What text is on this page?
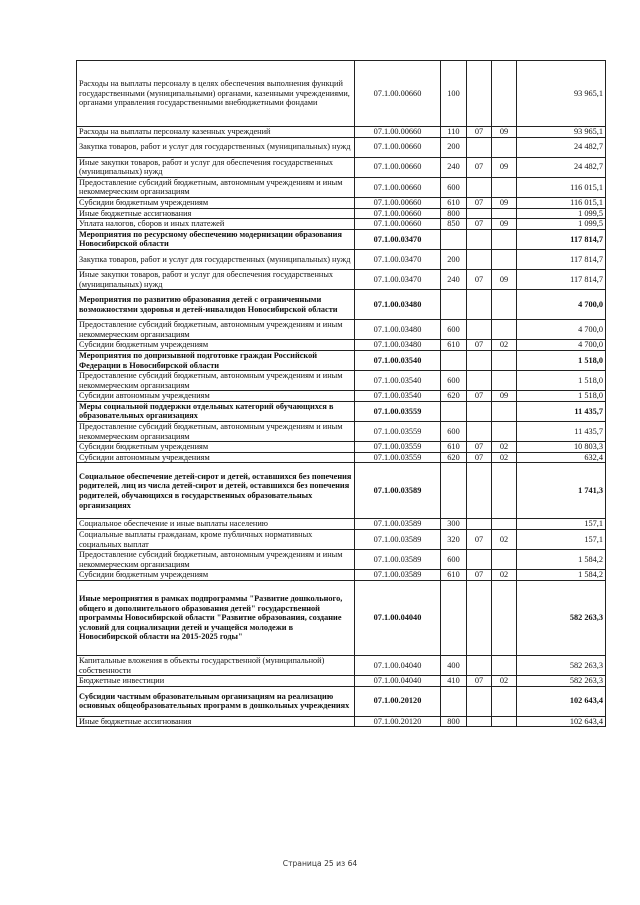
Расходы на выплаты персоналу в целях обеспечения выполнения функций государственными (муниципальными) органами, казенными учреждениями, органами управления государственными внебюджетными фондами	07.1.00.00660	100			93 965,1
Расходы на выплаты персоналу казенных учреждений	07.1.00.00660	110	07	09	93 965,1
Закупка товаров, работ и услуг для государственных (муниципальных) нужд	07.1.00.00660	200			24 482,7
Иные закупки товаров, работ и услуг для обеспечения государственных (муниципальных) нужд	07.1.00.00660	240	07	09	24 482,7
Предоставление субсидий бюджетным, автономным учреждениям и иным некоммерческим организациям	07.1.00.00660	600			116 015,1
Субсидии бюджетным учреждениям	07.1.00.00660	610	07	09	116 015,1
Иные бюджетные ассигнования	07.1.00.00660	800			1 099,5
Уплата налогов, сборов и иных платежей	07.1.00.00660	850	07	09	1 099,5
Мероприятия по ресурсному обеспечению модернизации образования Новосибирской области	07.1.00.03470				117 814,7
Закупка товаров, работ и услуг для государственных (муниципальных) нужд	07.1.00.03470	200			117 814,7
Иные закупки товаров, работ и услуг для обеспечения государственных (муниципальных) нужд	07.1.00.03470	240	07	09	117 814,7
Мероприятия по развитию образования детей с ограниченными возможностями здоровья и детей-инвалидов Новосибирской области	07.1.00.03480				4 700,0
Предоставление субсидий бюджетным, автономным учреждениям и иным некоммерческим организациям	07.1.00.03480	600			4 700,0
Субсидии бюджетным учреждениям	07.1.00.03480	610	07	02	4 700,0
Мероприятия по допризывной подготовке граждан Российской Федерации в Новосибирской области	07.1.00.03540				1 518,0
Предоставление субсидий бюджетным, автономным учреждениям и иным некоммерческим организациям	07.1.00.03540	600			1 518,0
Субсидии автономным учреждениям	07.1.00.03540	620	07	09	1 518,0
Меры социальной поддержки отдельных категорий обучающихся в образовательных организациях	07.1.00.03559				11 435,7
Предоставление субсидий бюджетным, автономным учреждениям и иным некоммерческим организациям	07.1.00.03559	600			11 435,7
Субсидии бюджетным учреждениям	07.1.00.03559	610	07	02	10 803,3
Субсидии автономным учреждениям	07.1.00.03559	620	07	02	632,4
Социальное обеспечение детей-сирот и детей, оставшихся без попечения родителей, лиц из числа детей-сирот и детей, оставшихся без попечения родителей, обучающихся в государственных образовательных организациях	07.1.00.03589				1 741,3
Социальное обеспечение и иные выплаты населению	07.1.00.03589	300			157,1
Социальные выплаты гражданам, кроме публичных нормативных социальных выплат	07.1.00.03589	320	07	02	157,1
Предоставление субсидий бюджетным, автономным учреждениям и иным некоммерческим организациям	07.1.00.03589	600			1 584,2
Субсидии бюджетным учреждениям	07.1.00.03589	610	07	02	1 584,2
Иные мероприятия в рамках подпрограммы "Развитие дошкольного, общего и дополнительного образования детей" государственной программы Новосибирской области "Развитие образования, создание условий для социализации детей и учащейся молодежи в Новосибирской области на 2015-2025 годы"	07.1.00.04040				582 263,3
Капитальные вложения в объекты государственной (муниципальной) собственности	07.1.00.04040	400			582 263,3
Бюджетные инвестиции	07.1.00.04040	410	07	02	582 263,3
Субсидии частным образовательным организациям на реализацию основных общеобразовательных программ в дошкольных учреждениях	07.1.00.20120				102 643,4
Иные бюджетные ассигнования	07.1.00.20120	800			102 643,4
Страница 25 из 64
